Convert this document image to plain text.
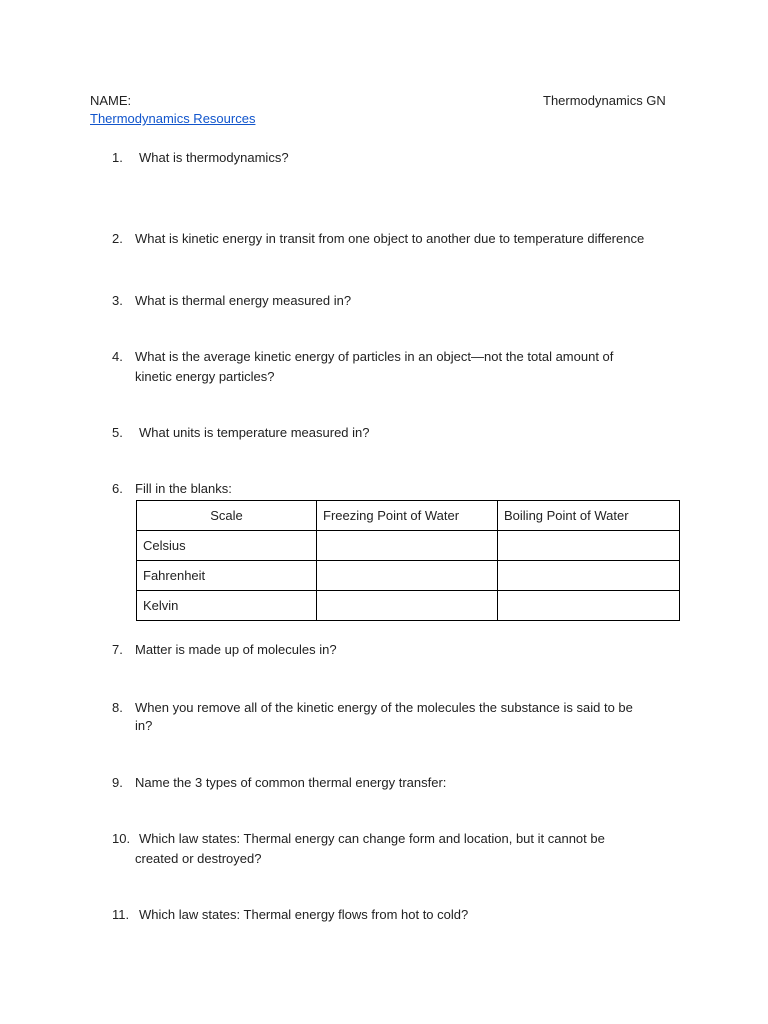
NAME:	Thermodynamics GN
Thermodynamics Resources
1. What is thermodynamics?
2. What is kinetic energy in transit from one object to another due to temperature difference
3. What is thermal energy measured in?
4. What is the average kinetic energy of particles in an object—not the total amount of
kinetic energy particles?
5. What units is temperature measured in?
6. Fill in the blanks:
Scale	Freezing Point of Water	Boiling Point of Water
Celsius		
Fahrenheit		
Kelvin		
7. Matter is made up of molecules in?
8. When you remove all of the kinetic energy of the molecules the substance is said to be
in?
9. Name the 3 types of common thermal energy transfer:
10. Which law states: Thermal energy can change form and location, but it cannot be
created or destroyed?
11. Which law states: Thermal energy flows from hot to cold?
